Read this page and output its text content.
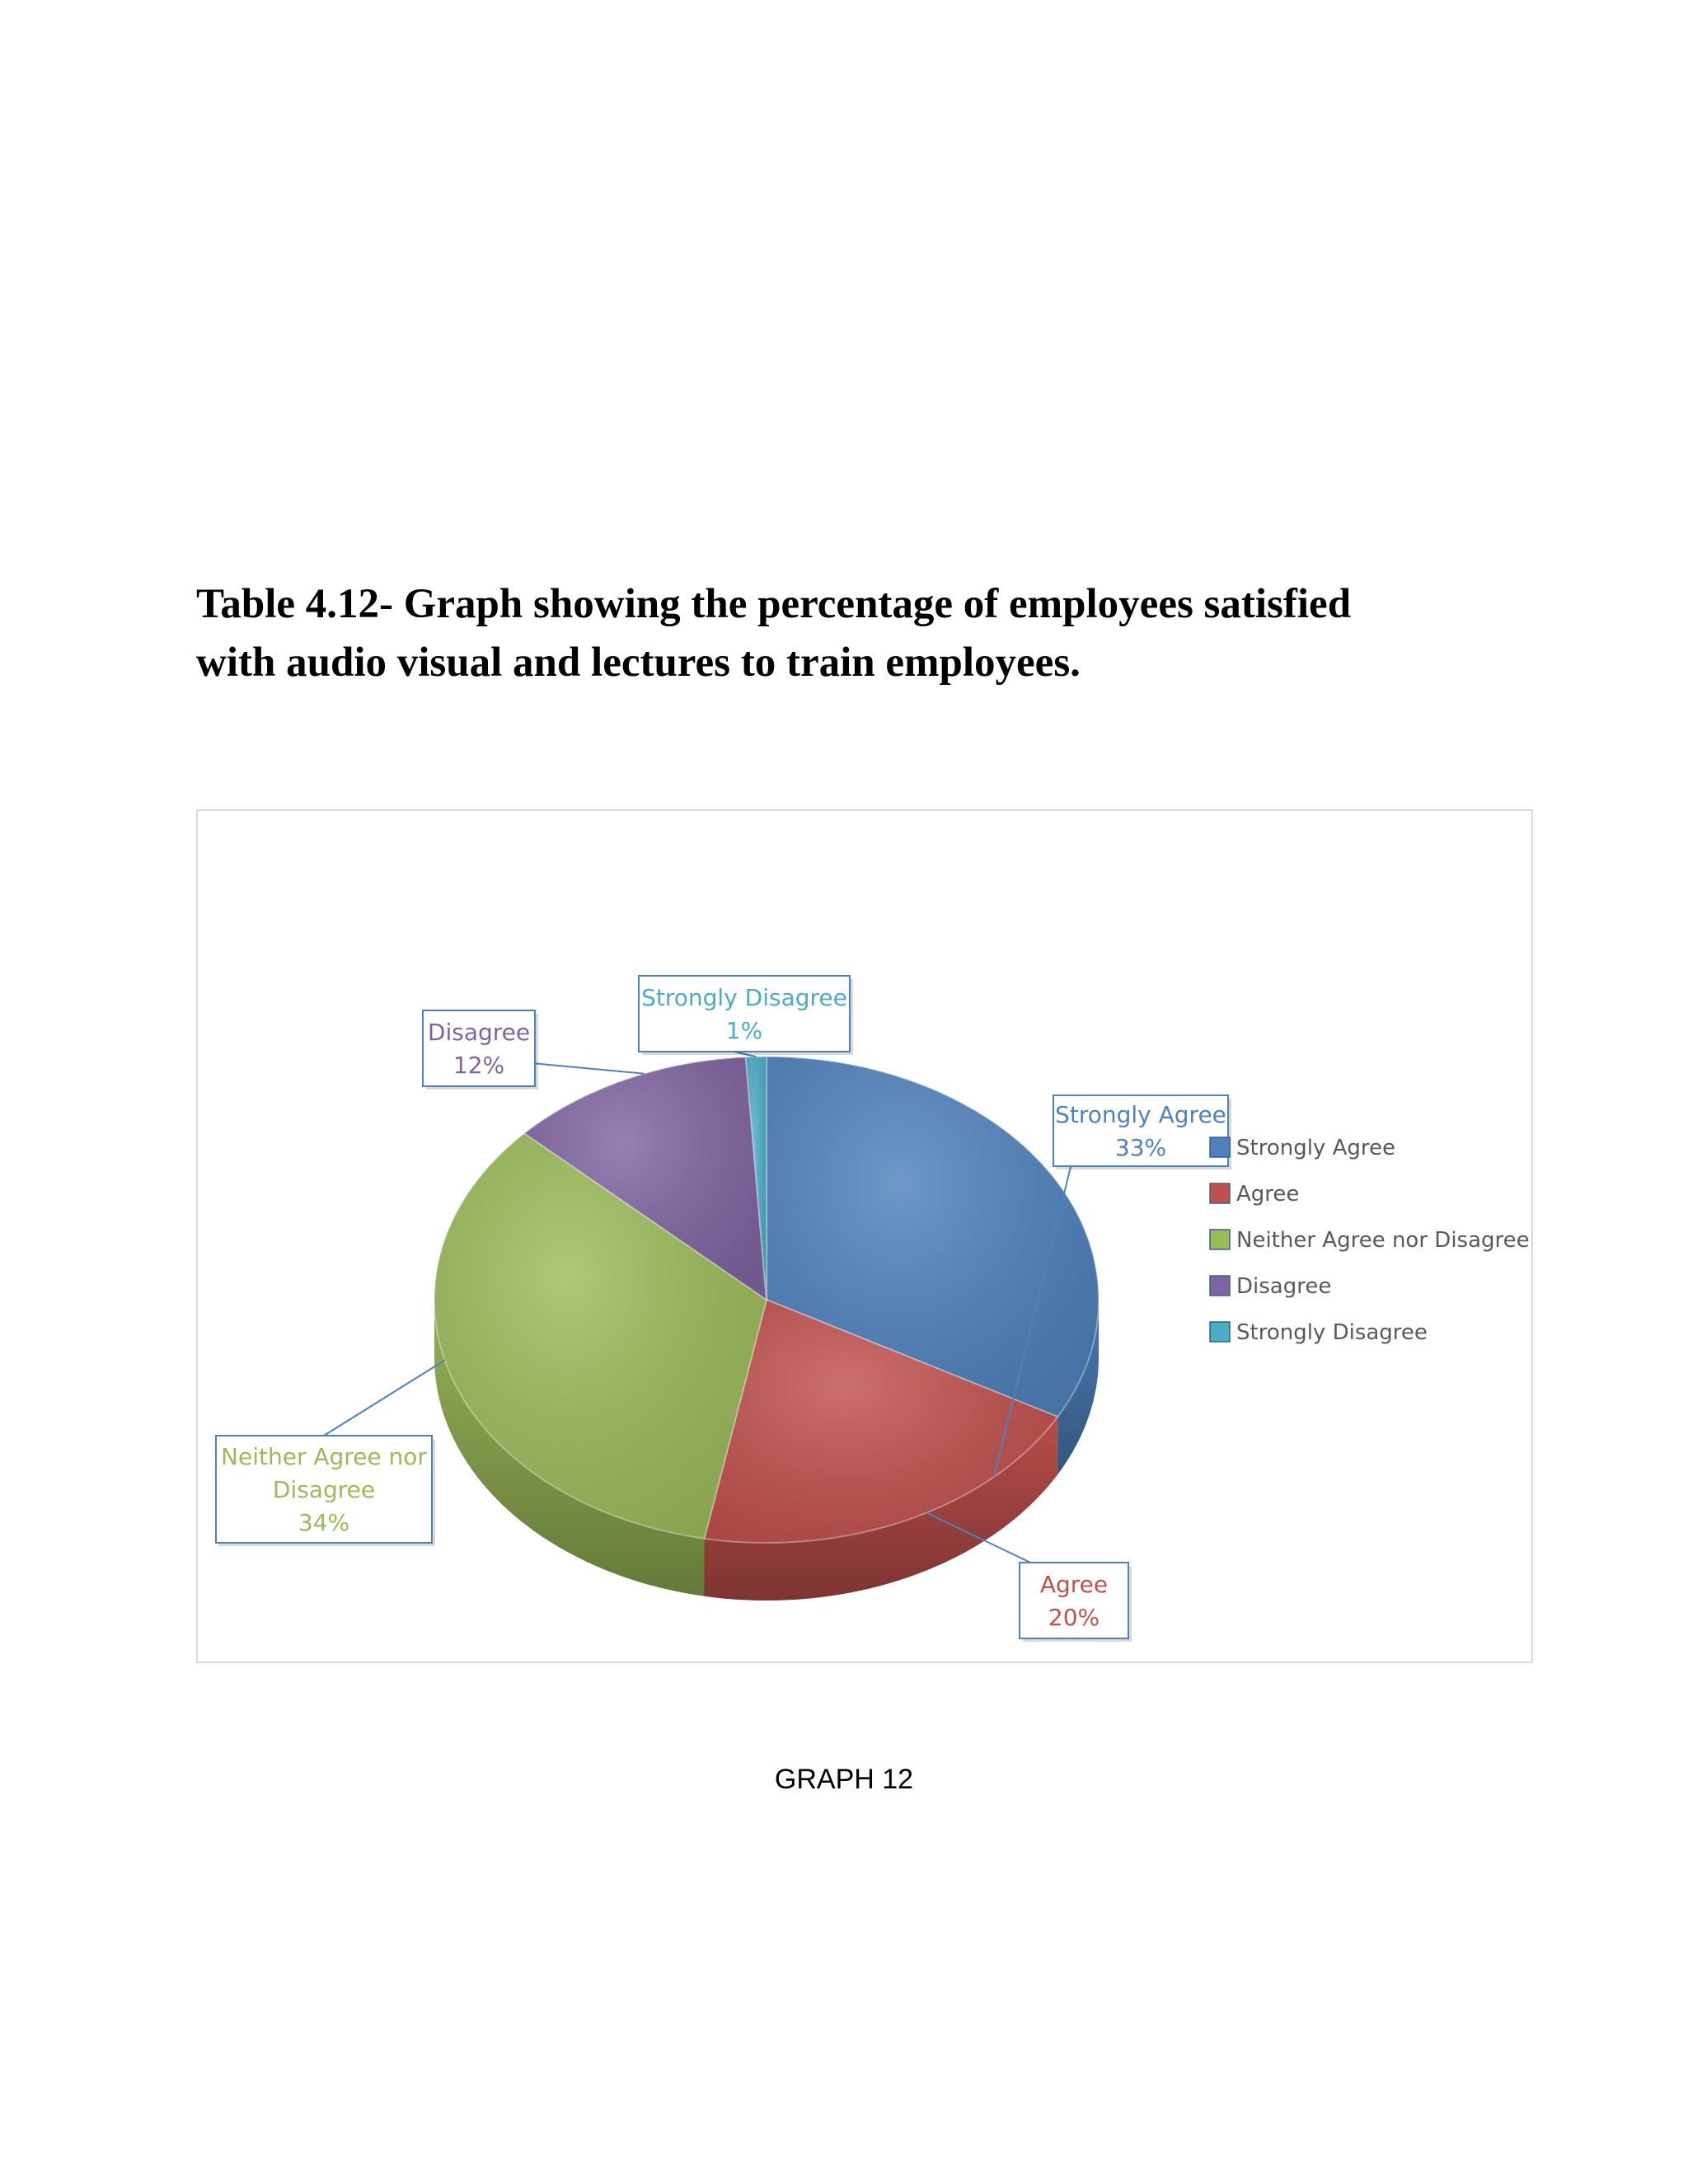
Table 4.12- Graph showing the percentage of employees satisfied
with audio visual and lectures to train employees.
Strongly Agree
33%
Agree
20%
Neither Agree nor
Disagree
34%
Disagree
12%
Strongly Disagree
1%
Strongly Agree
Agree
Neither Agree nor Disagree
Disagree
Strongly Disagree
GRAPH 12
